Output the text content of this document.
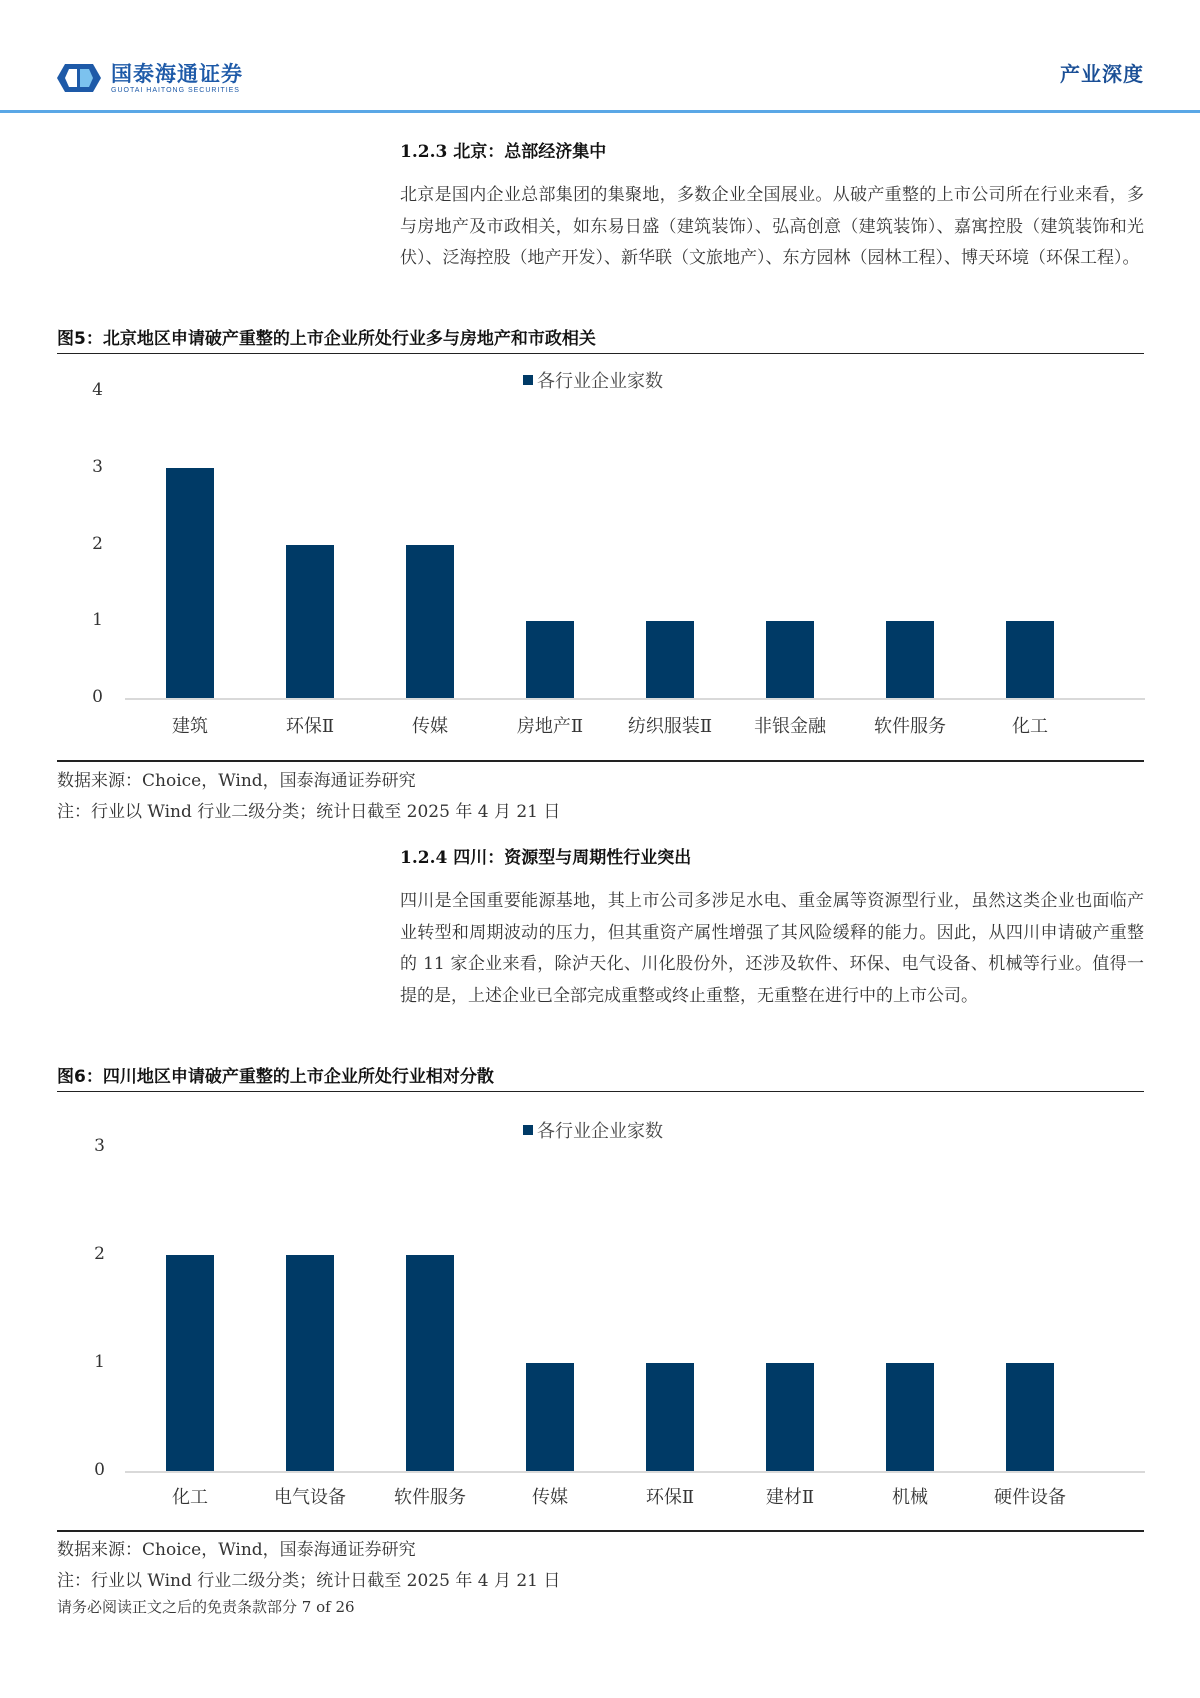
国泰海通证券
GUOTAI HAITONG SECURITIES
产业深度
1.2.3 北京：总部经济集中
北京是国内企业总部集团的集聚地，多数企业全国展业。从破产重整的上市公司所在行业来看，多与房地产及市政相关，如东易日盛（建筑装饰）、弘高创意（建筑装饰）、嘉寓控股（建筑装饰和光伏）、泛海控股（地产开发）、新华联（文旅地产）、东方园林（园林工程）、博天环境（环保工程）。
图5：北京地区申请破产重整的上市企业所处行业多与房地产和市政相关
各行业企业家数
0
1
2
3
4
建筑	环保Ⅱ	传媒	房地产Ⅱ	纺织服装Ⅱ	非银金融	软件服务	化工
数据来源：Choice，Wind，国泰海通证券研究
注：行业以 Wind 行业二级分类；统计日截至 2025 年 4 月 21 日
1.2.4 四川：资源型与周期性行业突出
四川是全国重要能源基地，其上市公司多涉足水电、重金属等资源型行业，虽然这类企业也面临产业转型和周期波动的压力，但其重资产属性增强了其风险缓释的能力。因此，从四川申请破产重整的 11 家企业来看，除泸天化、川化股份外，还涉及软件、环保、电气设备、机械等行业。值得一提的是，上述企业已全部完成重整或终止重整，无重整在进行中的上市公司。
图6：四川地区申请破产重整的上市企业所处行业相对分散
各行业企业家数
0
1
2
3
化工	电气设备	软件服务	传媒	环保Ⅱ	建材Ⅱ	机械	硬件设备
数据来源：Choice，Wind，国泰海通证券研究
注：行业以 Wind 行业二级分类；统计日截至 2025 年 4 月 21 日
请务必阅读正文之后的免责条款部分 7 of 26
